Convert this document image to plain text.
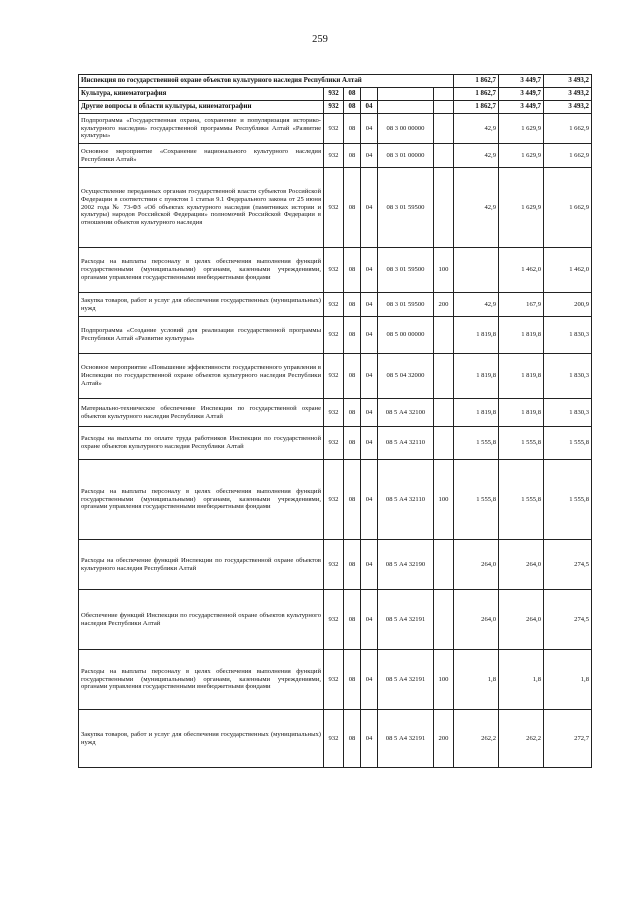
259
Инспекция по государственной охране объектов культурного наследия Республики Алтай						1 862,7	3 449,7	3 493,2
Культура, кинематография	932	08				1 862,7	3 449,7	3 493,2
Другие вопросы в области культуры, кинематографии	932	08	04			1 862,7	3 449,7	3 493,2
Подпрограмма «Государственная охрана, сохранение и популяризация историко-культурного наследия» государственной программы Республики Алтай «Развитие культуры»	932	08	04	08 3 00 00000		42,9	1 629,9	1 662,9
Основное мероприятие «Сохранение национального культурного наследия Республики Алтай»	932	08	04	08 3 01 00000		42,9	1 629,9	1 662,9
Осуществление переданных органам государственной власти субъектов Российской Федерации в соответствии с пунктом 1 статьи 9.1 Федерального закона от 25 июня 2002 года № 73-ФЗ «Об объектах культурного наследия (памятниках истории и культуры) народов Российской Федерации» полномочий Российской Федерации в отношении объектов культурного наследия	932	08	04	08 3 01 59500		42,9	1 629,9	1 662,9
Расходы на выплаты персоналу в целях обеспечения выполнения функций государственными (муниципальными) органами, казенными учреждениями, органами управления государственными внебюджетными фондами	932	08	04	08 3 01 59500	100		1 462,0	1 462,0
Закупка товаров, работ и услуг для обеспечения государственных (муниципальных) нужд	932	08	04	08 3 01 59500	200	42,9	167,9	200,9
Подпрограмма «Создание условий для реализации государственной программы Республики Алтай «Развитие культуры»	932	08	04	08 5 00 00000		1 819,8	1 819,8	1 830,3
Основное мероприятие «Повышение эффективности государственного управления в Инспекции по государственной охране объектов культурного наследия Республики Алтай»	932	08	04	08 5 04 32000		1 819,8	1 819,8	1 830,3
Материально-техническое обеспечение Инспекции по государственной охране объектов культурного наследия Республики Алтай	932	08	04	08 5 А4 32100		1 819,8	1 819,8	1 830,3
Расходы на выплаты по оплате труда работников Инспекции по государственной охране объектов культурного наследия Республики Алтай	932	08	04	08 5 А4 32110		1 555,8	1 555,8	1 555,8
Расходы на выплаты персоналу в целях обеспечения выполнения функций государственными (муниципальными) органами, казенными учреждениями, органами управления государственными внебюджетными фондами	932	08	04	08 5 А4 32110	100	1 555,8	1 555,8	1 555,8
Расходы на обеспечение функций Инспекции по государственной охране объектов культурного наследия Республики Алтай	932	08	04	08 5 А4 32190		264,0	264,0	274,5
Обеспечение функций Инспекции по государственной охране объектов культурного наследия Республики Алтай	932	08	04	08 5 А4 32191		264,0	264,0	274,5
Расходы на выплаты персоналу в целях обеспечения выполнения функций государственными (муниципальными) органами, казенными учреждениями, органами управления государственными внебюджетными фондами	932	08	04	08 5 А4 32191	100	1,8	1,8	1,8
Закупка товаров, работ и услуг для обеспечения государственных (муниципальных) нужд	932	08	04	08 5 А4 32191	200	262,2	262,2	272,7
